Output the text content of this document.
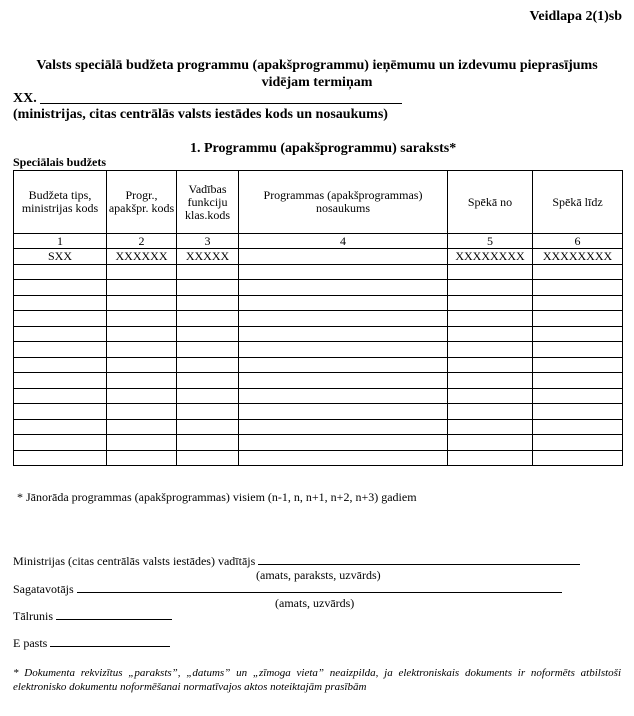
Veidlapa 2(1)sb
Valsts speciālā budžeta programmu (apakšprogrammu) ieņēmumu un izdevumu pieprasījums
vidējam termiņam
XX.
(ministrijas, citas centrālās valsts iestādes kods un nosaukums)
1. Programmu (apakšprogrammu) saraksts*
Speciālais budžets
Budžeta tips, ministrijas kods	Progr., apakšpr. kods	Vadības funkciju klas.kods	Programmas (apakšprogrammas) nosaukums	Spēkā no	Spēkā līdz
1	2	3	4	5	6
SXX	XXXXXX	XXXXX		XXXXXXXX	XXXXXXXX

* Jānorāda programmas (apakšprogrammas) visiem (n-1, n, n+1, n+2, n+3) gadiem
Ministrijas (citas centrālās valsts iestādes) vadītājs
(amats, paraksts, uzvārds)
Sagatavotājs
(amats, uzvārds)
Tālrunis
E pasts
* Dokumenta rekvizītus „paraksts”, „datums” un „zīmoga vieta” neaizpilda, ja elektroniskais dokuments ir noformēts atbilstoši elektronisko dokumentu noformēšanai normatīvajos aktos noteiktajām prasībām
